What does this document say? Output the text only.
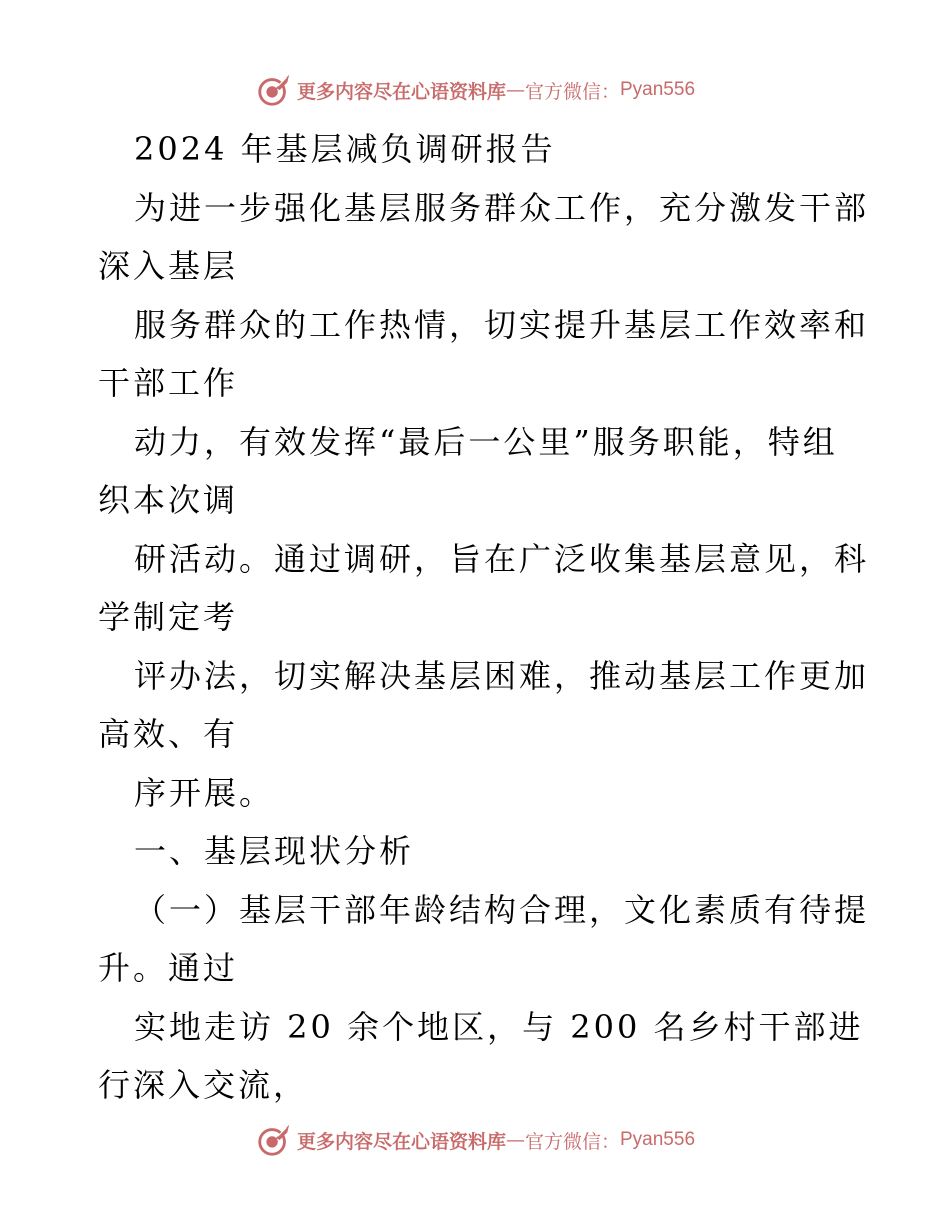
更多内容尽在心语资料库 — 官方微信： Pyan556
2024 年基层减负调研报告
为进一步强化基层服务群众工作，充分激发干部
深入基层
服务群众的工作热情，切实提升基层工作效率和
干部工作
动力，有效发挥“最后一公里”服务职能，特组
织本次调
研活动。通过调研，旨在广泛收集基层意见，科
学制定考
评办法，切实解决基层困难，推动基层工作更加
高效、有
序开展。
一、基层现状分析
（一）基层干部年龄结构合理，文化素质有待提
升。通过
实地走访 20 余个地区，与 200 名乡村干部进
行深入交流，
更多内容尽在心语资料库 — 官方微信： Pyan556
